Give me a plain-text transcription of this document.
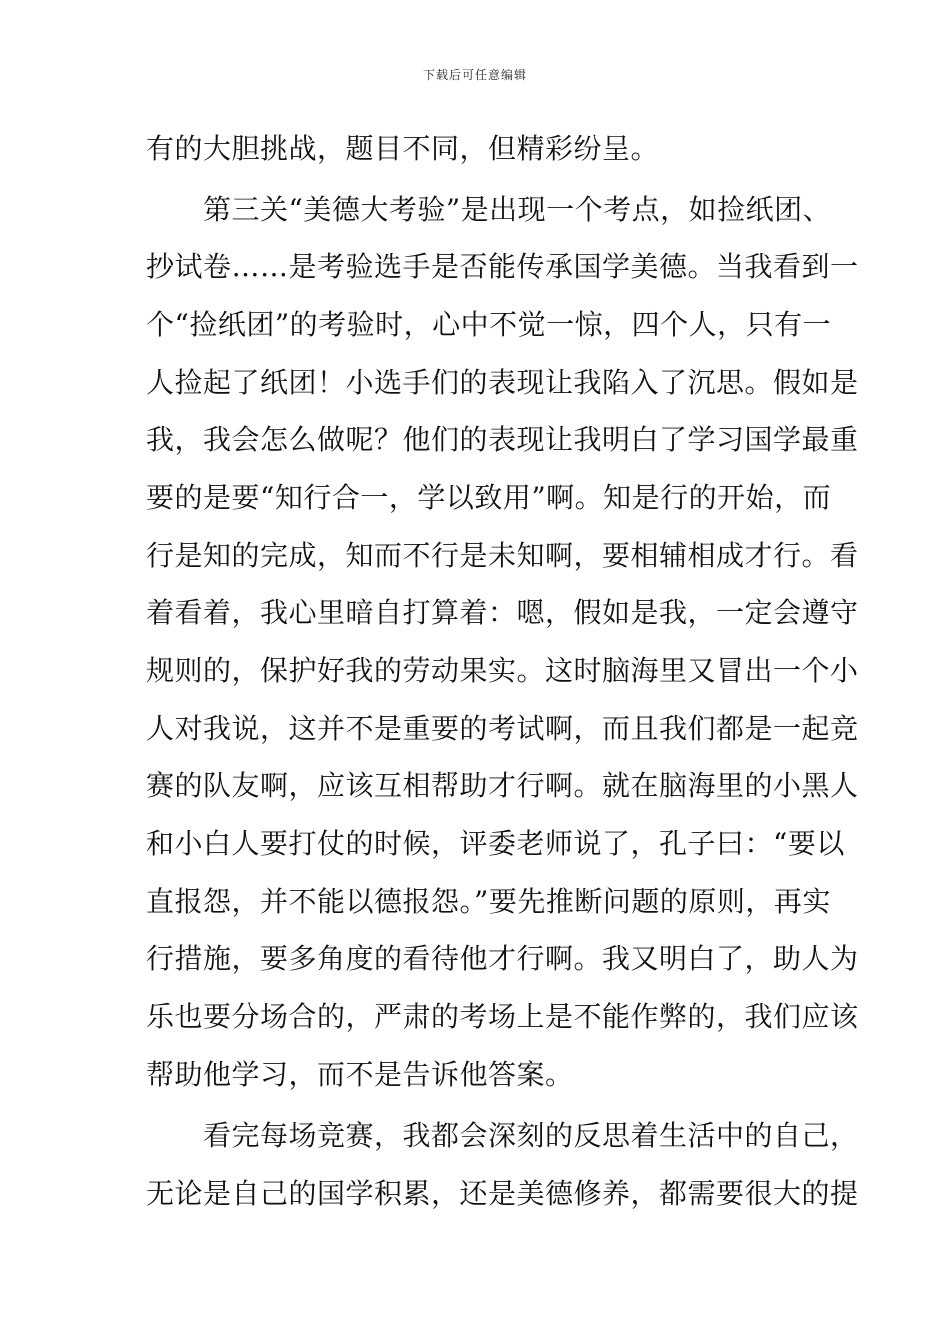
下载后可任意编辑
有的大胆挑战，题目不同，但精彩纷呈。
　　第三关“美德大考验”是出现一个考点，如捡纸团、
抄试卷……是考验选手是否能传承国学美德。当我看到一
个“捡纸团”的考验时，心中不觉一惊，四个人，只有一
人捡起了纸团！小选手们的表现让我陷入了沉思。假如是
我，我会怎么做呢？他们的表现让我明白了学习国学最重
要的是要“知行合一，学以致用”啊。知是行的开始，而
行是知的完成，知而不行是未知啊，要相辅相成才行。看
着看着，我心里暗自打算着：嗯，假如是我，一定会遵守
规则的，保护好我的劳动果实。这时脑海里又冒出一个小
人对我说，这并不是重要的考试啊，而且我们都是一起竞
赛的队友啊，应该互相帮助才行啊。就在脑海里的小黑人
和小白人要打仗的时候，评委老师说了，孔子曰：“要以
直报怨，并不能以德报怨。”要先推断问题的原则，再实
行措施，要多角度的看待他才行啊。我又明白了，助人为
乐也要分场合的，严肃的考场上是不能作弊的，我们应该
帮助他学习，而不是告诉他答案。
　　看完每场竞赛，我都会深刻的反思着生活中的自己，
无论是自己的国学积累，还是美德修养，都需要很大的提
